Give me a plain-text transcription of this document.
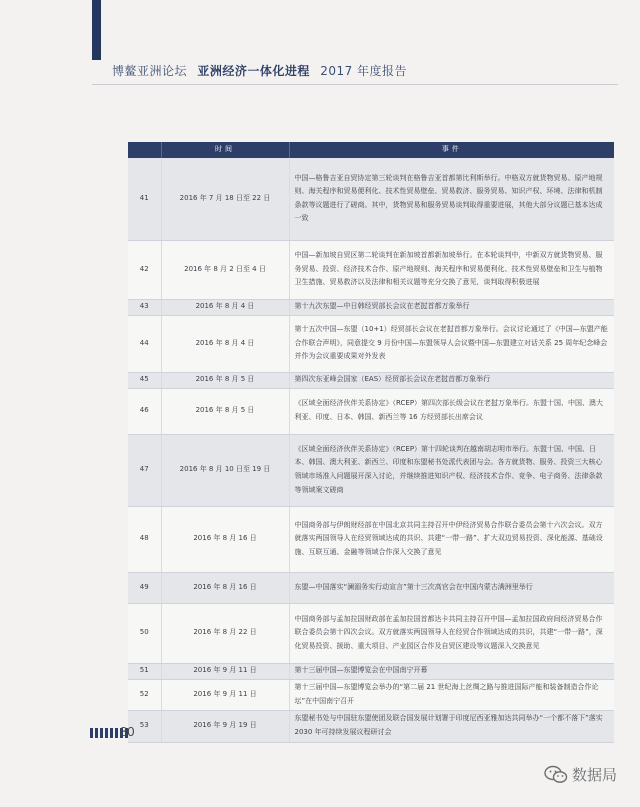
博鳌亚洲论坛 亚洲经济一体化进程 2017 年度报告
	时间	事件
41	2016 年 7 月 18 日至 22 日	中国—格鲁吉亚自贸协定第三轮谈判在格鲁吉亚首都第比利斯举行。中格双方就货物贸易、原产地规则、海关程序和贸易便利化、技术性贸易壁垒、贸易救济、服务贸易、知识产权、环境、法律和机制条款等议题进行了磋商。其中，货物贸易和服务贸易谈判取得重要进展，其他大部分议题已基本达成一致
42	2016 年 8 月 2 日至 4 日	中国—新加坡自贸区第二轮谈判在新加坡首都新加坡举行。在本轮谈判中，中新双方就货物贸易、服务贸易、投资、经济技术合作、原产地规则、海关程序和贸易便利化、技术性贸易壁垒和卫生与植物卫生措施、贸易救济以及法律和相关议题等充分交换了意见，谈判取得积极进展
43	2016 年 8 月 4 日	第十九次东盟—中日韩经贸部长会议在老挝首都万象举行
44	2016 年 8 月 4 日	第十五次中国—东盟（10+1）经贸部长会议在老挝首都万象举行。会议讨论通过了《中国—东盟产能合作联合声明》，同意提交 9 月份中国—东盟领导人会议暨中国—东盟建立对话关系 25 周年纪念峰会并作为会议重要成果对外发表
45	2016 年 8 月 5 日	第四次东亚峰会国家（EAS）经贸部长会议在老挝首都万象举行
46	2016 年 8 月 5 日	《区域全面经济伙伴关系协定》（RCEP）第四次部长级会议在老挝万象举行。东盟十国、中国、澳大利亚、印度、日本、韩国、新西兰等 16 方经贸部长出席会议
47	2016 年 8 月 10 日至 19 日	《区域全面经济伙伴关系协定》（RCEP）第十四轮谈判在越南胡志明市举行。东盟十国、中国、日本、韩国、澳大利亚、新西兰、印度和东盟秘书处派代表团与会。各方就货物、服务、投资三大核心领域市场准入问题展开深入讨论，并继续推进知识产权、经济技术合作、竞争、电子商务、法律条款等领域案文磋商
48	2016 年 8 月 16 日	中国商务部与伊朗财经部在中国北京共同主持召开中伊经济贸易合作联合委员会第十六次会议。双方就落实两国领导人在经贸领域达成的共识、共建“一带一路”、扩大双边贸易投资、深化能源、基础设施、互联互通、金融等领域合作深入交换了意见
49	2016 年 8 月 16 日	东盟—中国落实“澜湄务实行动宣言”第十三次高官会在中国内蒙古满洲里举行
50	2016 年 8 月 22 日	中国商务部与孟加拉国财政部在孟加拉国首都达卡共同主持召开中国—孟加拉国政府间经济贸易合作联合委员会第十四次会议。双方就落实两国领导人在经贸合作领域达成的共识，共建“一带一路”，深化贸易投资、援助、重大项目、产业园区合作及自贸区建设等议题深入交换意见
51	2016 年 9 月 11 日	第十三届中国—东盟博览会在中国南宁开幕
52	2016 年 9 月 11 日	第十三届中国—东盟博览会举办的“第二届 21 世纪海上丝绸之路与推进国际产能和装备制造合作论坛”在中国南宁召开
53	2016 年 9 月 19 日	东盟秘书处与中国驻东盟使团及联合国发展计划署于印度尼西亚雅加达共同举办“一个都不落下”落实 2030 年可持续发展议程研讨会
80
数据局
